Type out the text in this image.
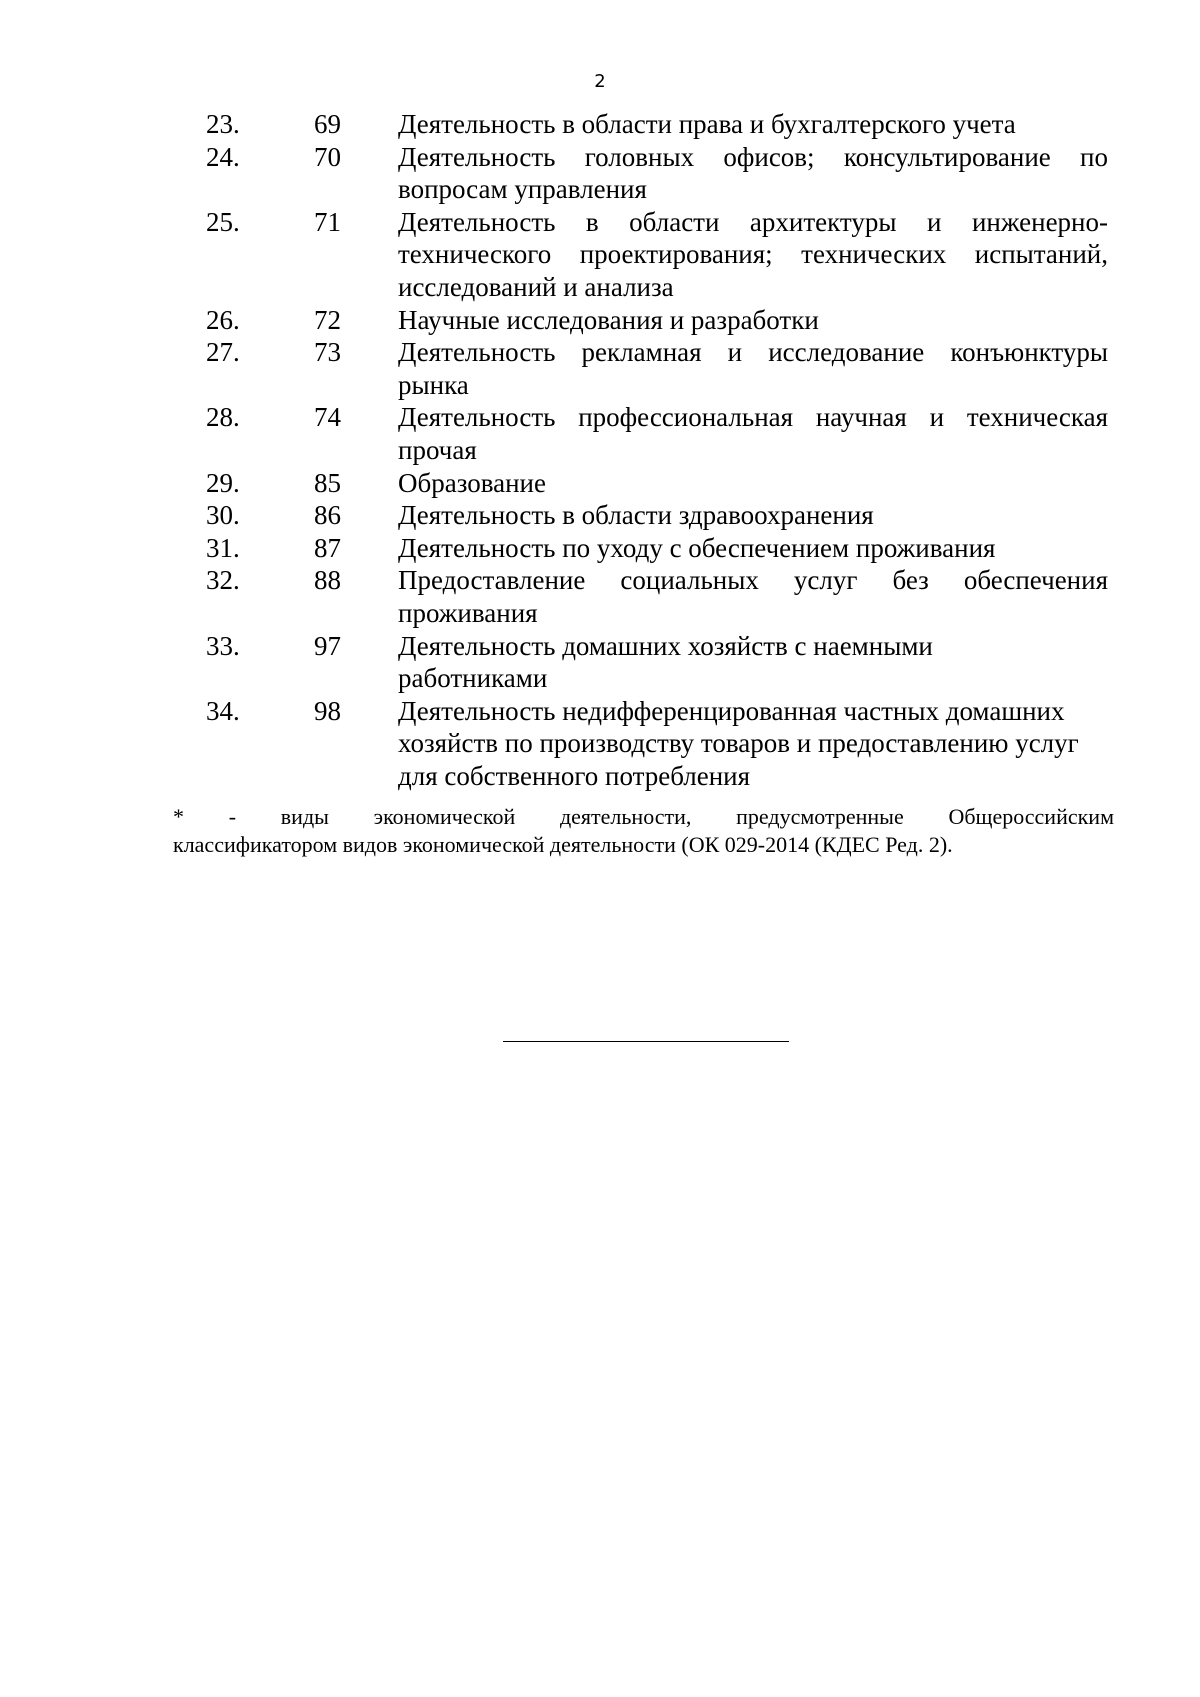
2
23.	69 Деятельность в области права и бухгалтерского учета
24.	70 Деятельность головных офисов; консультирование по вопросам управления
25.	71 Деятельность в области архитектуры и инженерно-технического проектирования; технических испытаний, исследований и анализа
26.	72 Научные исследования и разработки
27.	73 Деятельность рекламная и исследование конъюнктуры рынка
28.	74 Деятельность профессиональная научная и техническая прочая
29.	85 Образование
30.	86 Деятельность в области здравоохранения
31.	87 Деятельность по уходу с обеспечением проживания
32.	88 Предоставление социальных услуг без обеспечения проживания
33.	97 Деятельность домашних хозяйств с наемными работниками
34.	98 Деятельность недифференцированная частных домашних хозяйств по производству товаров и предоставлению услуг для собственного потребления
* - виды экономической деятельности, предусмотренные Общероссийским
классификатором видов экономической деятельности (ОК 029-2014 (КДЕС Ред. 2).
